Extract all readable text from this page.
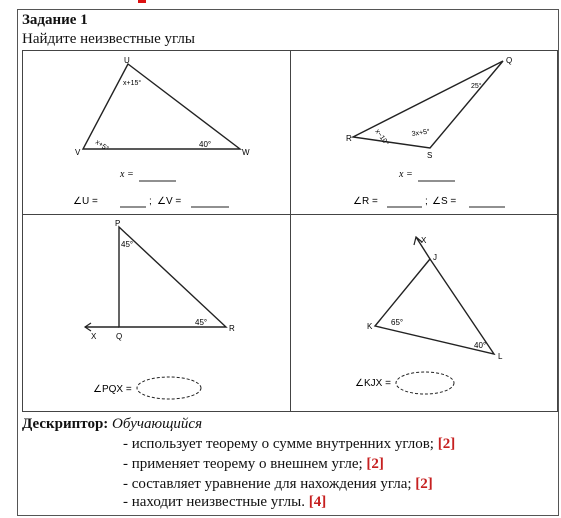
Задание 1
Найдите неизвестные углы
U
V	W
x+15°
x+5°	40°
x =
∠U =	; ∠V =
Q
R
S
25°
x−10°	3x+5°
x =
∠R =	; ∠S =
P
Q
R
X
45°
45°
∠PQX =
X
J
K
L
65°
40°
∠KJX =
Дескриптор: Обучающийся
- использует теорему о сумме внутренних углов; [2]
- применяет теорему о внешнем угле; [2]
- составляет уравнение для нахождения угла; [2]
- находит неизвестные углы. [4]
